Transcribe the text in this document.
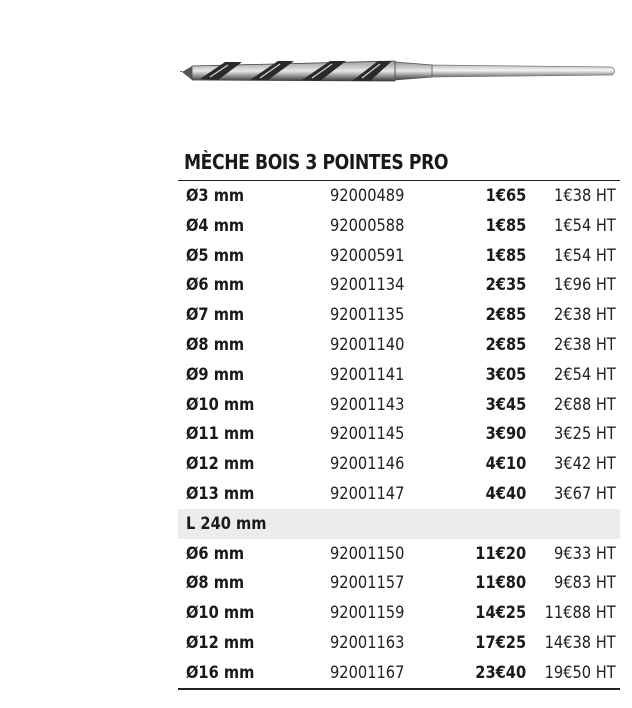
MÈCHE BOIS 3 POINTES PRO
Ø3 mm	92000489	1€65 1€38 HT
Ø4 mm	92000588	1€85 1€54 HT
Ø5 mm	92000591	1€85 1€54 HT
Ø6 mm	92001134	2€35 1€96 HT
Ø7 mm	92001135	2€85 2€38 HT
Ø8 mm	92001140	2€85 2€38 HT
Ø9 mm	92001141	3€05 2€54 HT
Ø10 mm	92001143	3€45 2€88 HT
Ø11 mm	92001145	3€90 3€25 HT
Ø12 mm	92001146	4€10 3€42 HT
Ø13 mm	92001147	4€40 3€67 HT
L 240 mm
Ø6 mm	92001150	11€20 9€33 HT
Ø8 mm	92001157	11€80 9€83 HT
Ø10 mm	92001159	14€25 11€88 HT
Ø12 mm	92001163	17€25 14€38 HT
Ø16 mm	92001167	23€40 19€50 HT
